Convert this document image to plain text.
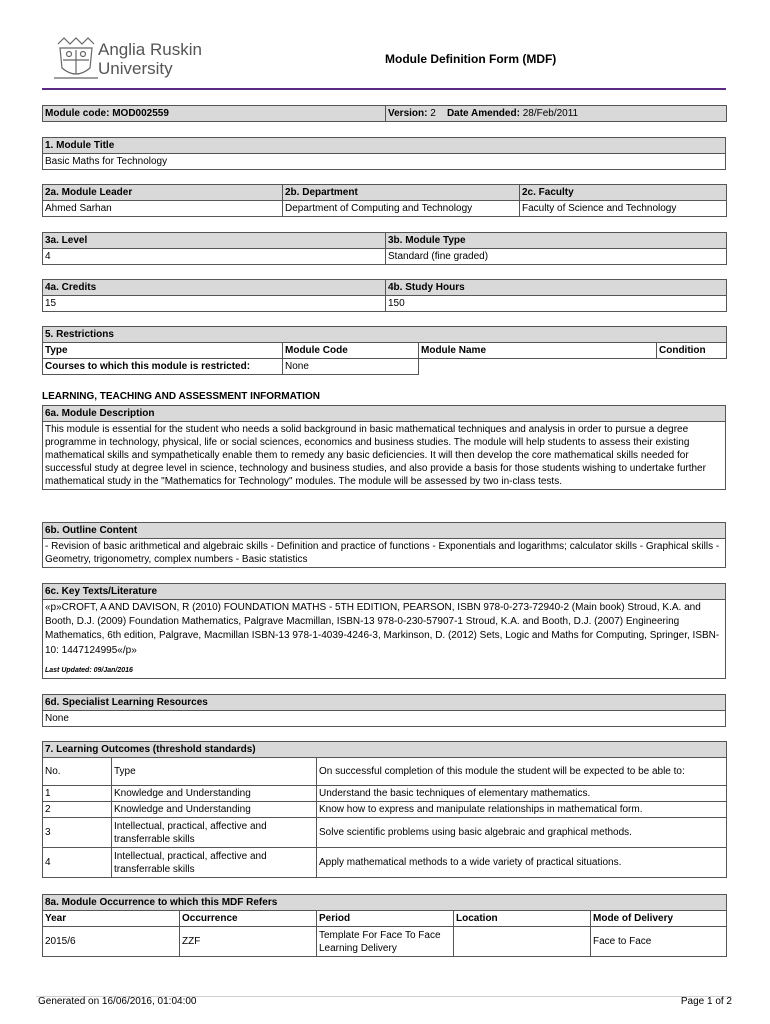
Anglia Ruskin
University	Module Definition Form (MDF)
Module code: MOD002559	Version: 2 Date Amended: 28/Feb/2011
1. Module Title
Basic Maths for Technology
2a. Module Leader	2b. Department	2c. Faculty
Ahmed Sarhan	Department of Computing and Technology	Faculty of Science and Technology
3a. Level	3b. Module Type
4	Standard (fine graded)
4a. Credits	4b. Study Hours
15	150
5. Restrictions			
Type	Module Code	Module Name	Condition
Courses to which this module is restricted:	None		
LEARNING, TEACHING AND ASSESSMENT INFORMATION
6a. Module Description
This module is essential for the student who needs a solid background in basic mathematical techniques and analysis in order to pursue a degree programme in technology, physical, life or social sciences, economics and business studies. The module will help students to assess their existing mathematical skills and sympathetically enable them to remedy any basic deficiencies. It will then develop the core mathematical skills needed for successful study at degree level in science, technology and business studies, and also provide a basis for those students wishing to undertake further mathematical study in the "Mathematics for Technology" modules. The module will be assessed by two in-class tests.
6b. Outline Content
- Revision of basic arithmetical and algebraic skills - Definition and practice of functions - Exponentials and logarithms; calculator skills - Graphical skills - Geometry, trigonometry, complex numbers - Basic statistics
6c. Key Texts/Literature

«p»CROFT, A AND DAVISON, R (2010) FOUNDATION MATHS - 5TH EDITION, PEARSON, ISBN 978-0-273-72940-2 (Main book) Stroud, K.A. and Booth, D.J. (2009) Foundation Mathematics, Palgrave Macmillan, ISBN-13 978-0-230-57907-1 Stroud, K.A. and Booth, D.J. (2007) Engineering Mathematics, 6th edition, Palgrave, Macmillan ISBN-13 978-1-4039-4246-3, Markinson, D. (2012) Sets, Logic and Maths for Computing, Springer, ISBN-10: 1447124995«/p»
Last Updated: 09/Jan/2016
6d. Specialist Learning Resources
None
7. Learning Outcomes (threshold standards)		
No.	Type	On successful completion of this module the student will be expected to be able to:
1	Knowledge and Understanding	Understand the basic techniques of elementary mathematics.
2	Knowledge and Understanding	Know how to express and manipulate relationships in mathematical form.
3	Intellectual, practical, affective and transferrable skills	Solve scientific problems using basic algebraic and graphical methods.
4	Intellectual, practical, affective and transferrable skills	Apply mathematical methods to a wide variety of practical situations.
8a. Module Occurrence to which this MDF Refers				
Year	Occurrence	Period	Location	Mode of Delivery
2015/6	ZZF	Template For Face To Face Learning Delivery		Face to Face
Generated on 16/06/2016, 01:04:00	Page 1 of 2
